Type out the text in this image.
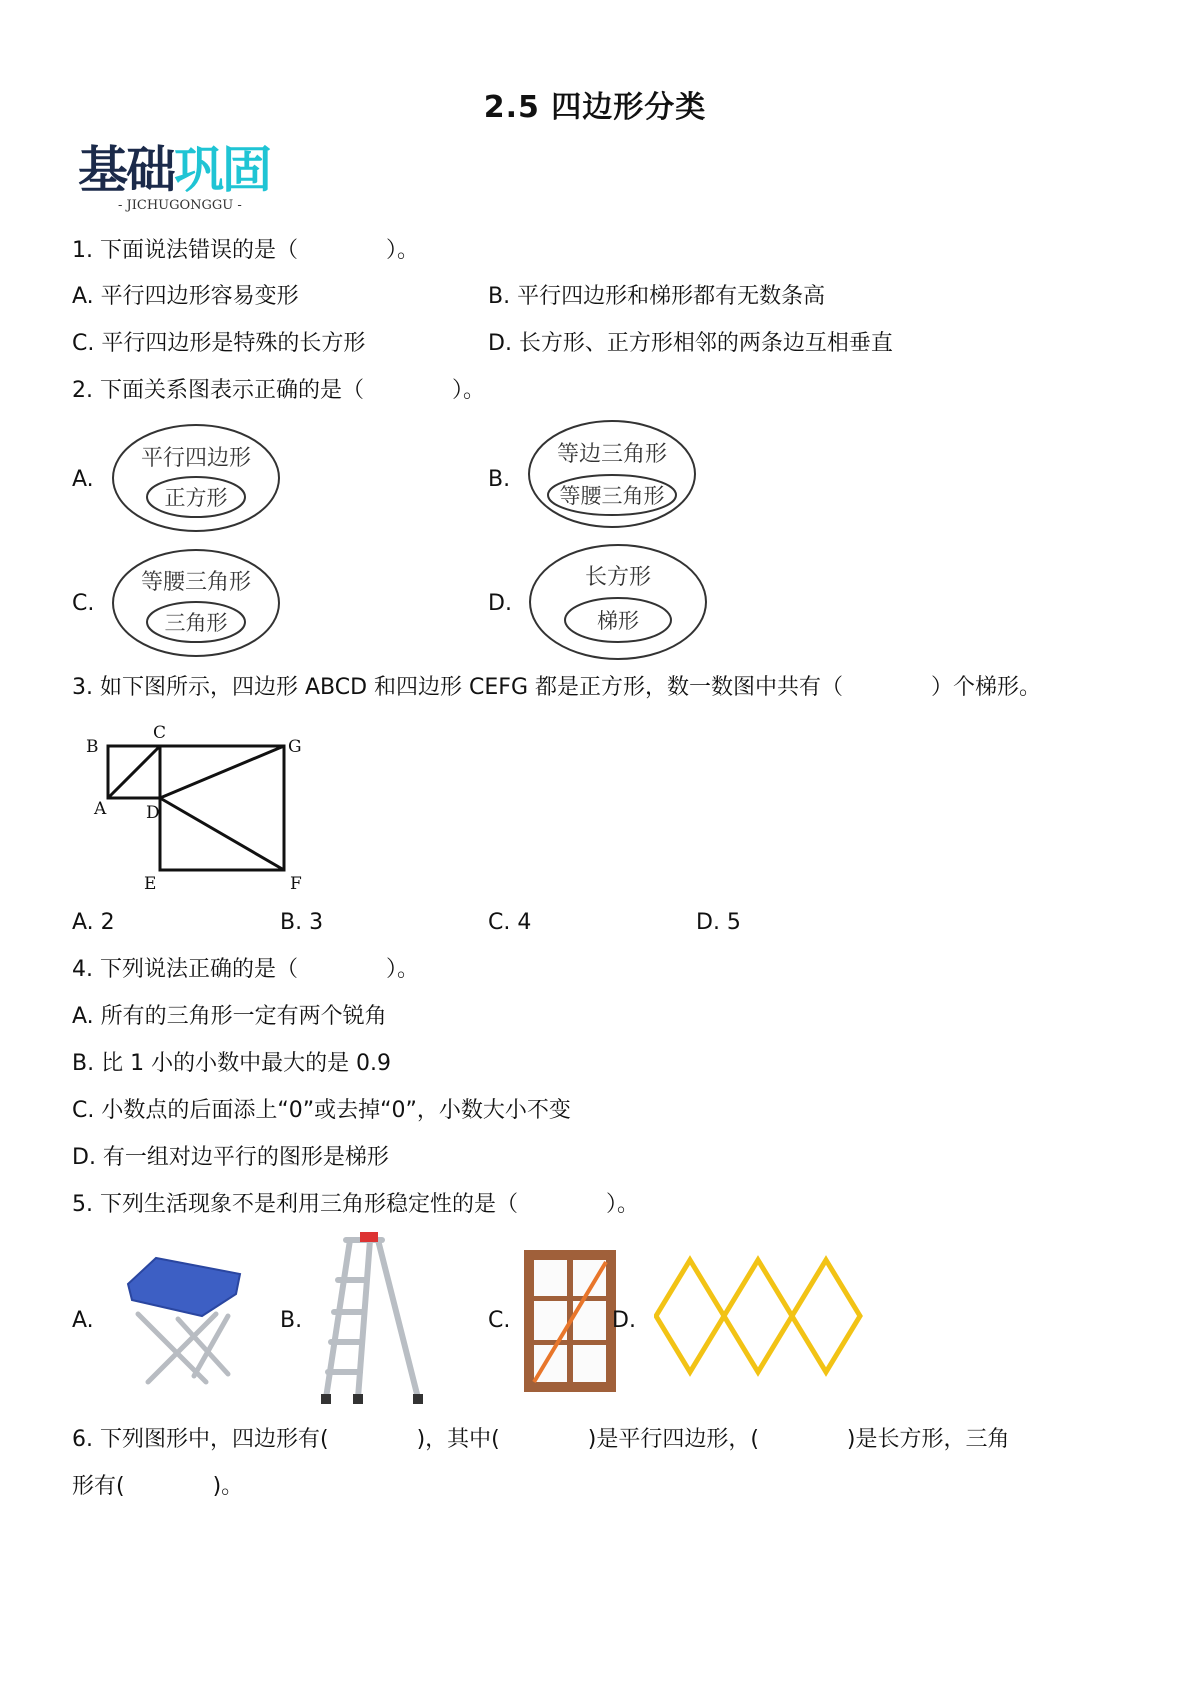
2.5 四边形分类
基础巩固
- JICHUGONGGU -
1. 下面说法错误的是（　　　　）。
A. 平行四边形容易变形	B. 平行四边形和梯形都有无数条高
C. 平行四边形是特殊的长方形	D. 长方形、正方形相邻的两条边互相垂直
2. 下面关系图表示正确的是（　　　　）。
A.
平行四边形
正方形
B.
等边三角形
等腰三角形
C.
等腰三角形
三角形
D.
长方形
梯形
3. 如下图所示，四边形 ABCD 和四边形 CEFG 都是正方形，数一数图中共有（　　　　）个梯形。
B
C
G
A D
E	F
A. 2	B. 3	C. 4	D. 5
4. 下列说法正确的是（　　　　）。
A. 所有的三角形一定有两个锐角
B. 比 1 小的小数中最大的是 0.9
C. 小数点的后面添上“0”或去掉“0”，小数大小不变
D. 有一组对边平行的图形是梯形
5. 下列生活现象不是利用三角形稳定性的是（　　　　）。
A.	B.	C.	D.
6. 下列图形中，四边形有(　　　　)，其中(　　　　)是平行四边形，(　　　　)是长方形，三角
形有(　　　　)。
